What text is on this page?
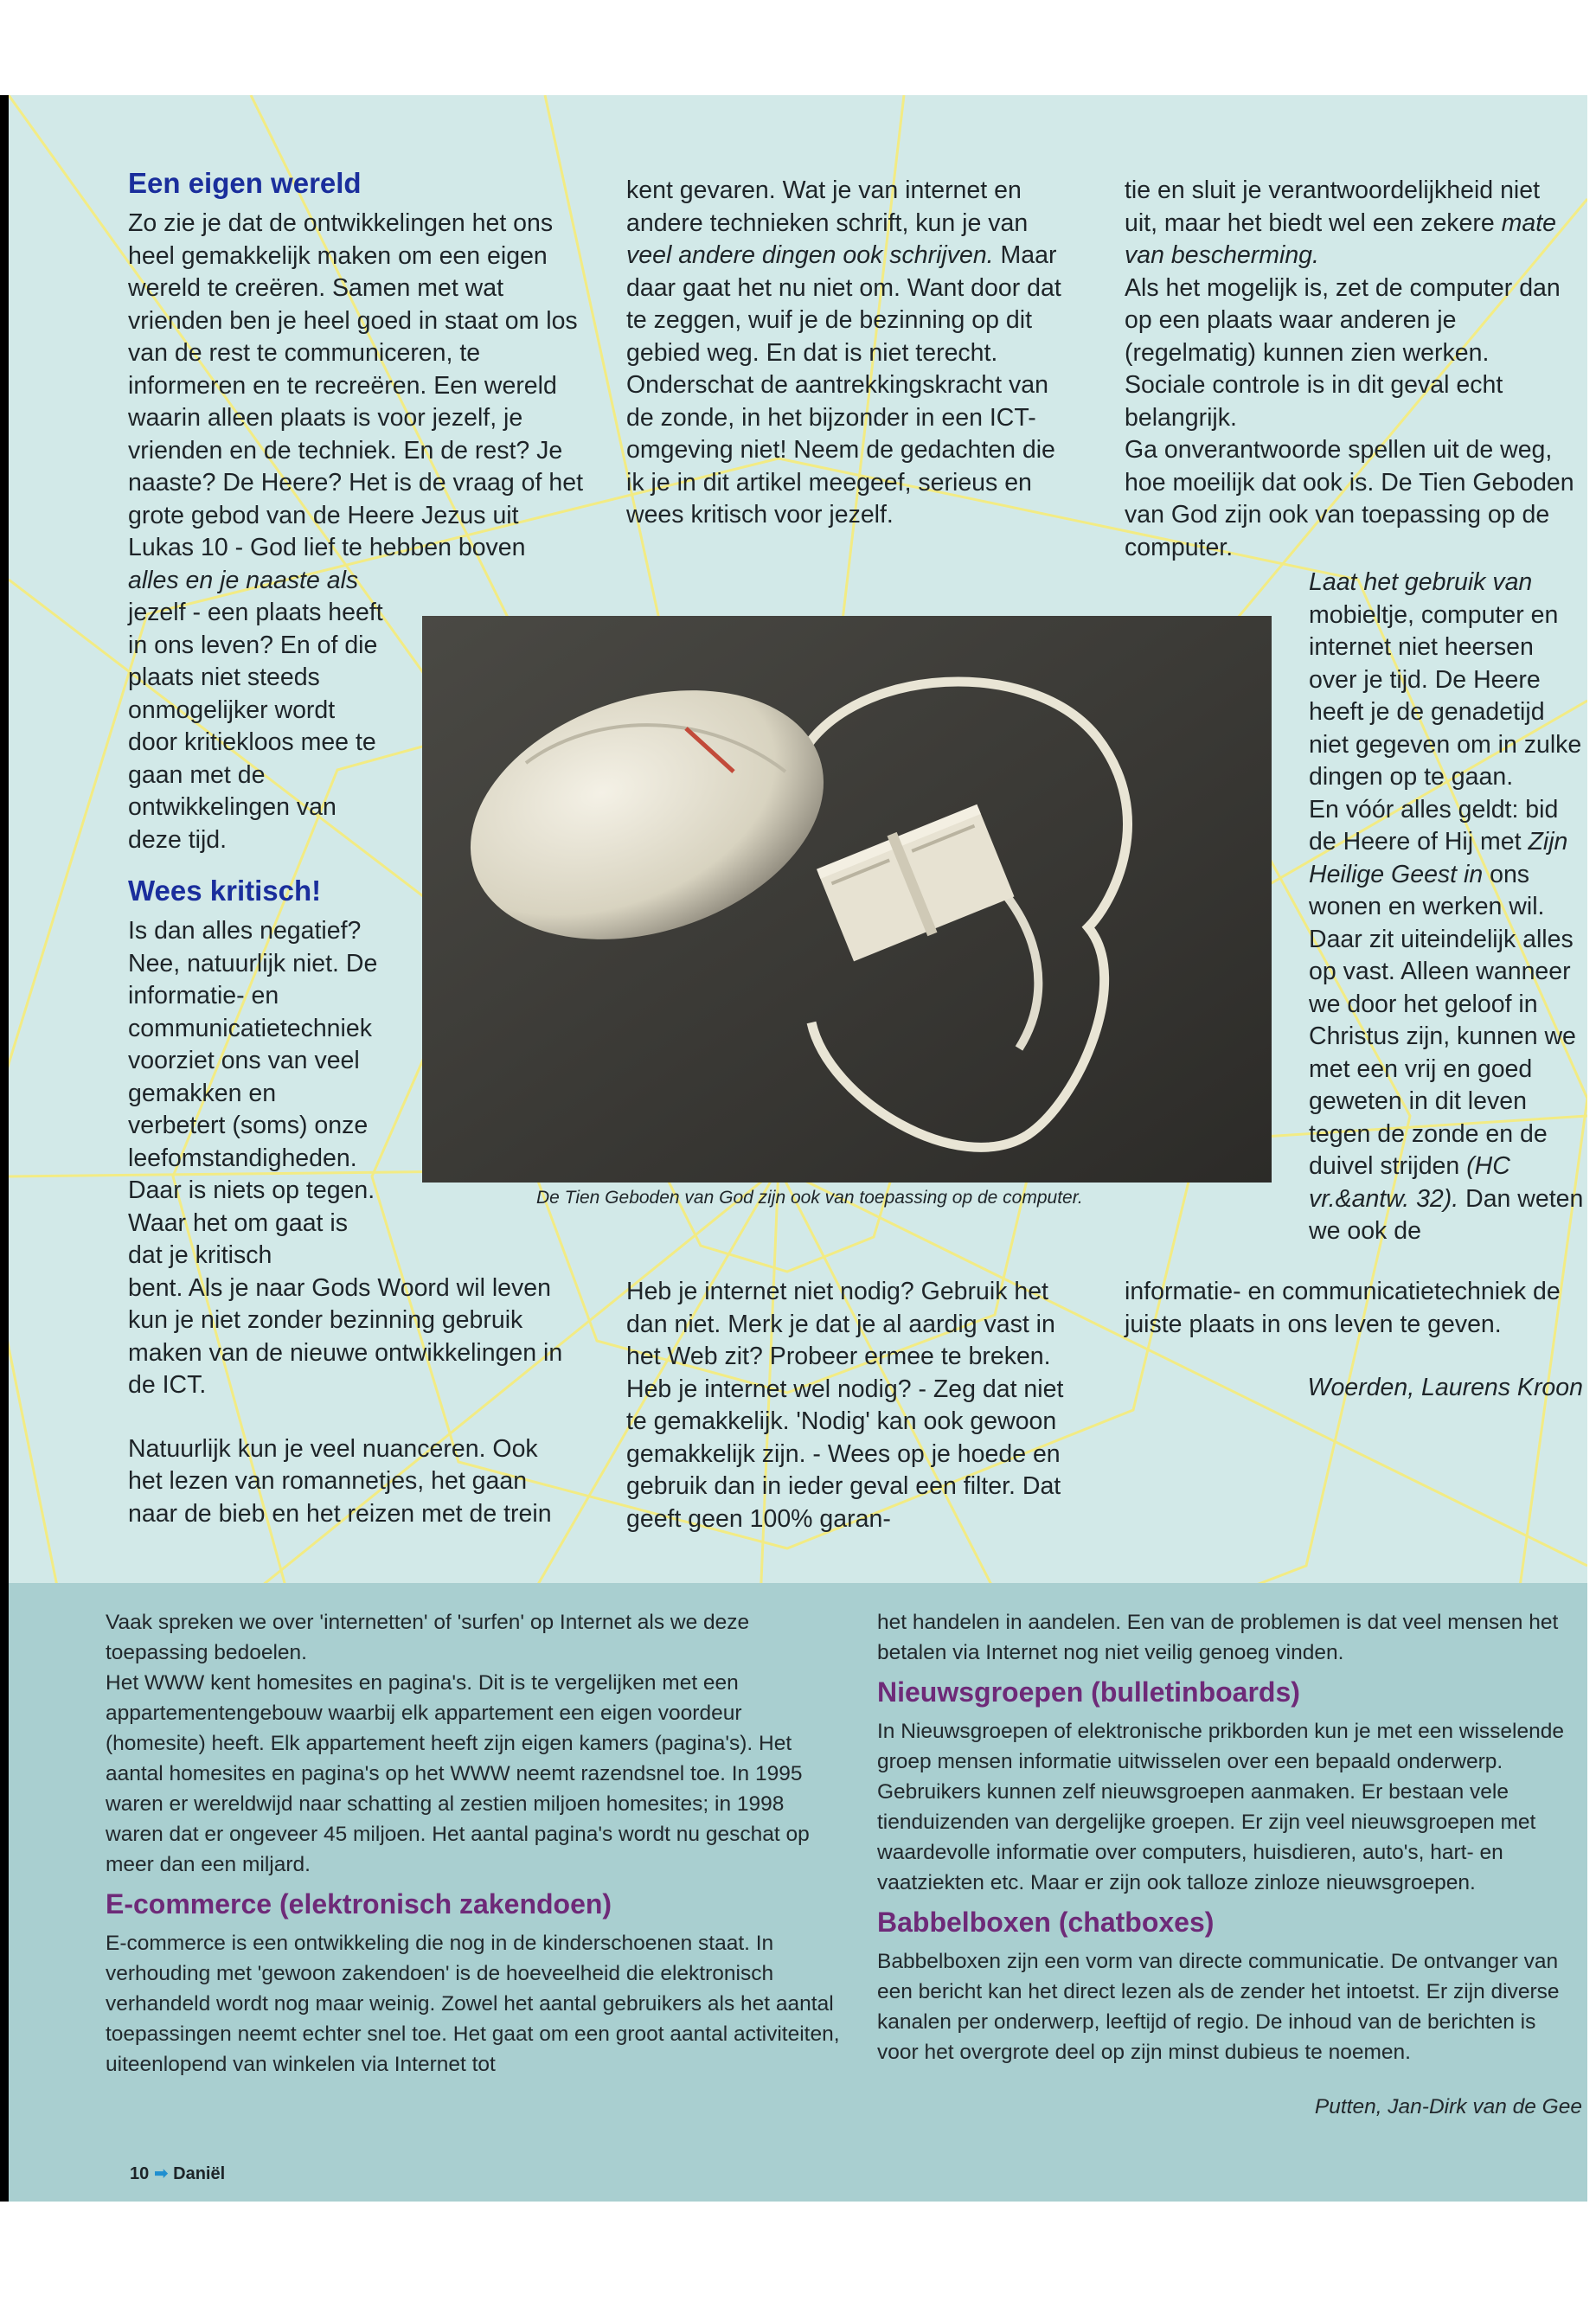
Een eigen wereld

Zo zie je dat de ontwikkelingen het ons heel gemakkelijk maken om een eigen wereld te creëren. Samen met wat vrienden ben je heel goed in staat om los van de rest te communiceren, te informeren en te recreëren. Een wereld waarin alleen plaats is voor jezelf, je vrienden en de techniek. En de rest? Je naaste? De Heere? Het is de vraag of het grote gebod van de Heere Jezus uit Lukas 10 - God lief te hebben boven

alles en je naaste als jezelf - een plaats heeft in ons leven? En of die plaats niet steeds onmogelijker wordt door kritiekloos mee te gaan met de ontwikkelingen van deze tijd.

Wees kritisch!

Is dan alles negatief? Nee, natuurlijk niet. De informatie- en communicatietechniek voorziet ons van veel gemakken en verbetert (soms) onze leefomstandigheden. Daar is niets op tegen. Waar het om gaat is dat je kritisch

bent. Als je naar Gods Woord wil leven kun je niet zonder bezinning gebruik maken van de nieuwe ontwikkelingen in de ICT.

Natuurlijk kun je veel nuanceren. Ook het lezen van romannetjes, het gaan naar de bieb en het reizen met de trein

kent gevaren. Wat je van internet en andere technieken schrift, kun je van veel andere dingen ook schrijven. Maar daar gaat het nu niet om. Want door dat te zeggen, wuif je de bezinning op dit gebied weg. En dat is niet terecht. Onderschat de aantrekkingskracht van de zonde, in het bijzonder in een ICT-omgeving niet! Neem de gedachten die ik je in dit artikel meegeef, serieus en wees kritisch voor jezelf.

Heb je internet niet nodig? Gebruik het dan niet. Merk je dat je al aardig vast in het Web zit? Probeer ermee te breken. Heb je internet wel nodig? - Zeg dat niet te gemakkelijk. 'Nodig' kan ook gewoon gemakkelijk zijn. - Wees op je hoede en gebruik dan in ieder geval een filter. Dat geeft geen 100% garan-

tie en sluit je verantwoordelijkheid niet uit, maar het biedt wel een zekere mate van bescherming.

Als het mogelijk is, zet de computer dan op een plaats waar anderen je (regelmatig) kunnen zien werken. Sociale controle is in dit geval echt belangrijk.

Ga onverantwoorde spellen uit de weg, hoe moeilijk dat ook is. De Tien Geboden van God zijn ook van toepassing op de computer.

Laat het gebruik van mobieltje, computer en internet niet heersen over je tijd. De Heere heeft je de genadetijd niet gegeven om in zulke dingen op te gaan.

En vóór alles geldt: bid de Heere of Hij met Zijn Heilige Geest in ons wonen en werken wil. Daar zit uiteindelijk alles op vast. Alleen wanneer we door het geloof in Christus zijn, kunnen we met een vrij en goed geweten in dit leven tegen de zonde en de duivel strijden (HC vr.&antw. 32). Dan weten we ook de

informatie- en communicatietechniek de juiste plaats in ons leven te geven.

Woerden, Laurens Kroon

De Tien Geboden van God zijn ook van toepassing op de computer.

Vaak spreken we over 'internetten' of 'surfen' op Internet als we deze toepassing bedoelen.

Het WWW kent homesites en pagina's. Dit is te vergelijken met een appartementengebouw waarbij elk appartement een eigen voordeur (homesite) heeft. Elk appartement heeft zijn eigen kamers (pagina's). Het aantal homesites en pagina's op het WWW neemt razendsnel toe. In 1995 waren er wereldwijd naar schatting al zestien miljoen homesites; in 1998 waren dat er ongeveer 45 miljoen. Het aantal pagina's wordt nu geschat op meer dan een miljard.

E-commerce (elektronisch zakendoen)

E-commerce is een ontwikkeling die nog in de kinderschoenen staat. In verhouding met 'gewoon zakendoen' is de hoeveelheid die elektronisch verhandeld wordt nog maar weinig. Zowel het aantal gebruikers als het aantal toepassingen neemt echter snel toe. Het gaat om een groot aantal activiteiten, uiteenlopend van winkelen via Internet tot

het handelen in aandelen. Een van de problemen is dat veel mensen het betalen via Internet nog niet veilig genoeg vinden.

Nieuwsgroepen (bulletinboards)

In Nieuwsgroepen of elektronische prikborden kun je met een wisselende groep mensen informatie uitwisselen over een bepaald onderwerp. Gebruikers kunnen zelf nieuwsgroepen aanmaken. Er bestaan vele tienduizenden van dergelijke groepen. Er zijn veel nieuwsgroepen met waardevolle informatie over computers, huisdieren, auto's, hart- en vaatziekten etc. Maar er zijn ook talloze zinloze nieuwsgroepen.

Babbelboxen (chatboxes)

Babbelboxen zijn een vorm van directe communicatie. De ontvanger van een bericht kan het direct lezen als de zender het intoetst. Er zijn diverse kanalen per onderwerp, leeftijd of regio. De inhoud van de berichten is voor het overgrote deel op zijn minst dubieus te noemen.

Putten, Jan-Dirk van de Gee

10 ➡ Daniël
